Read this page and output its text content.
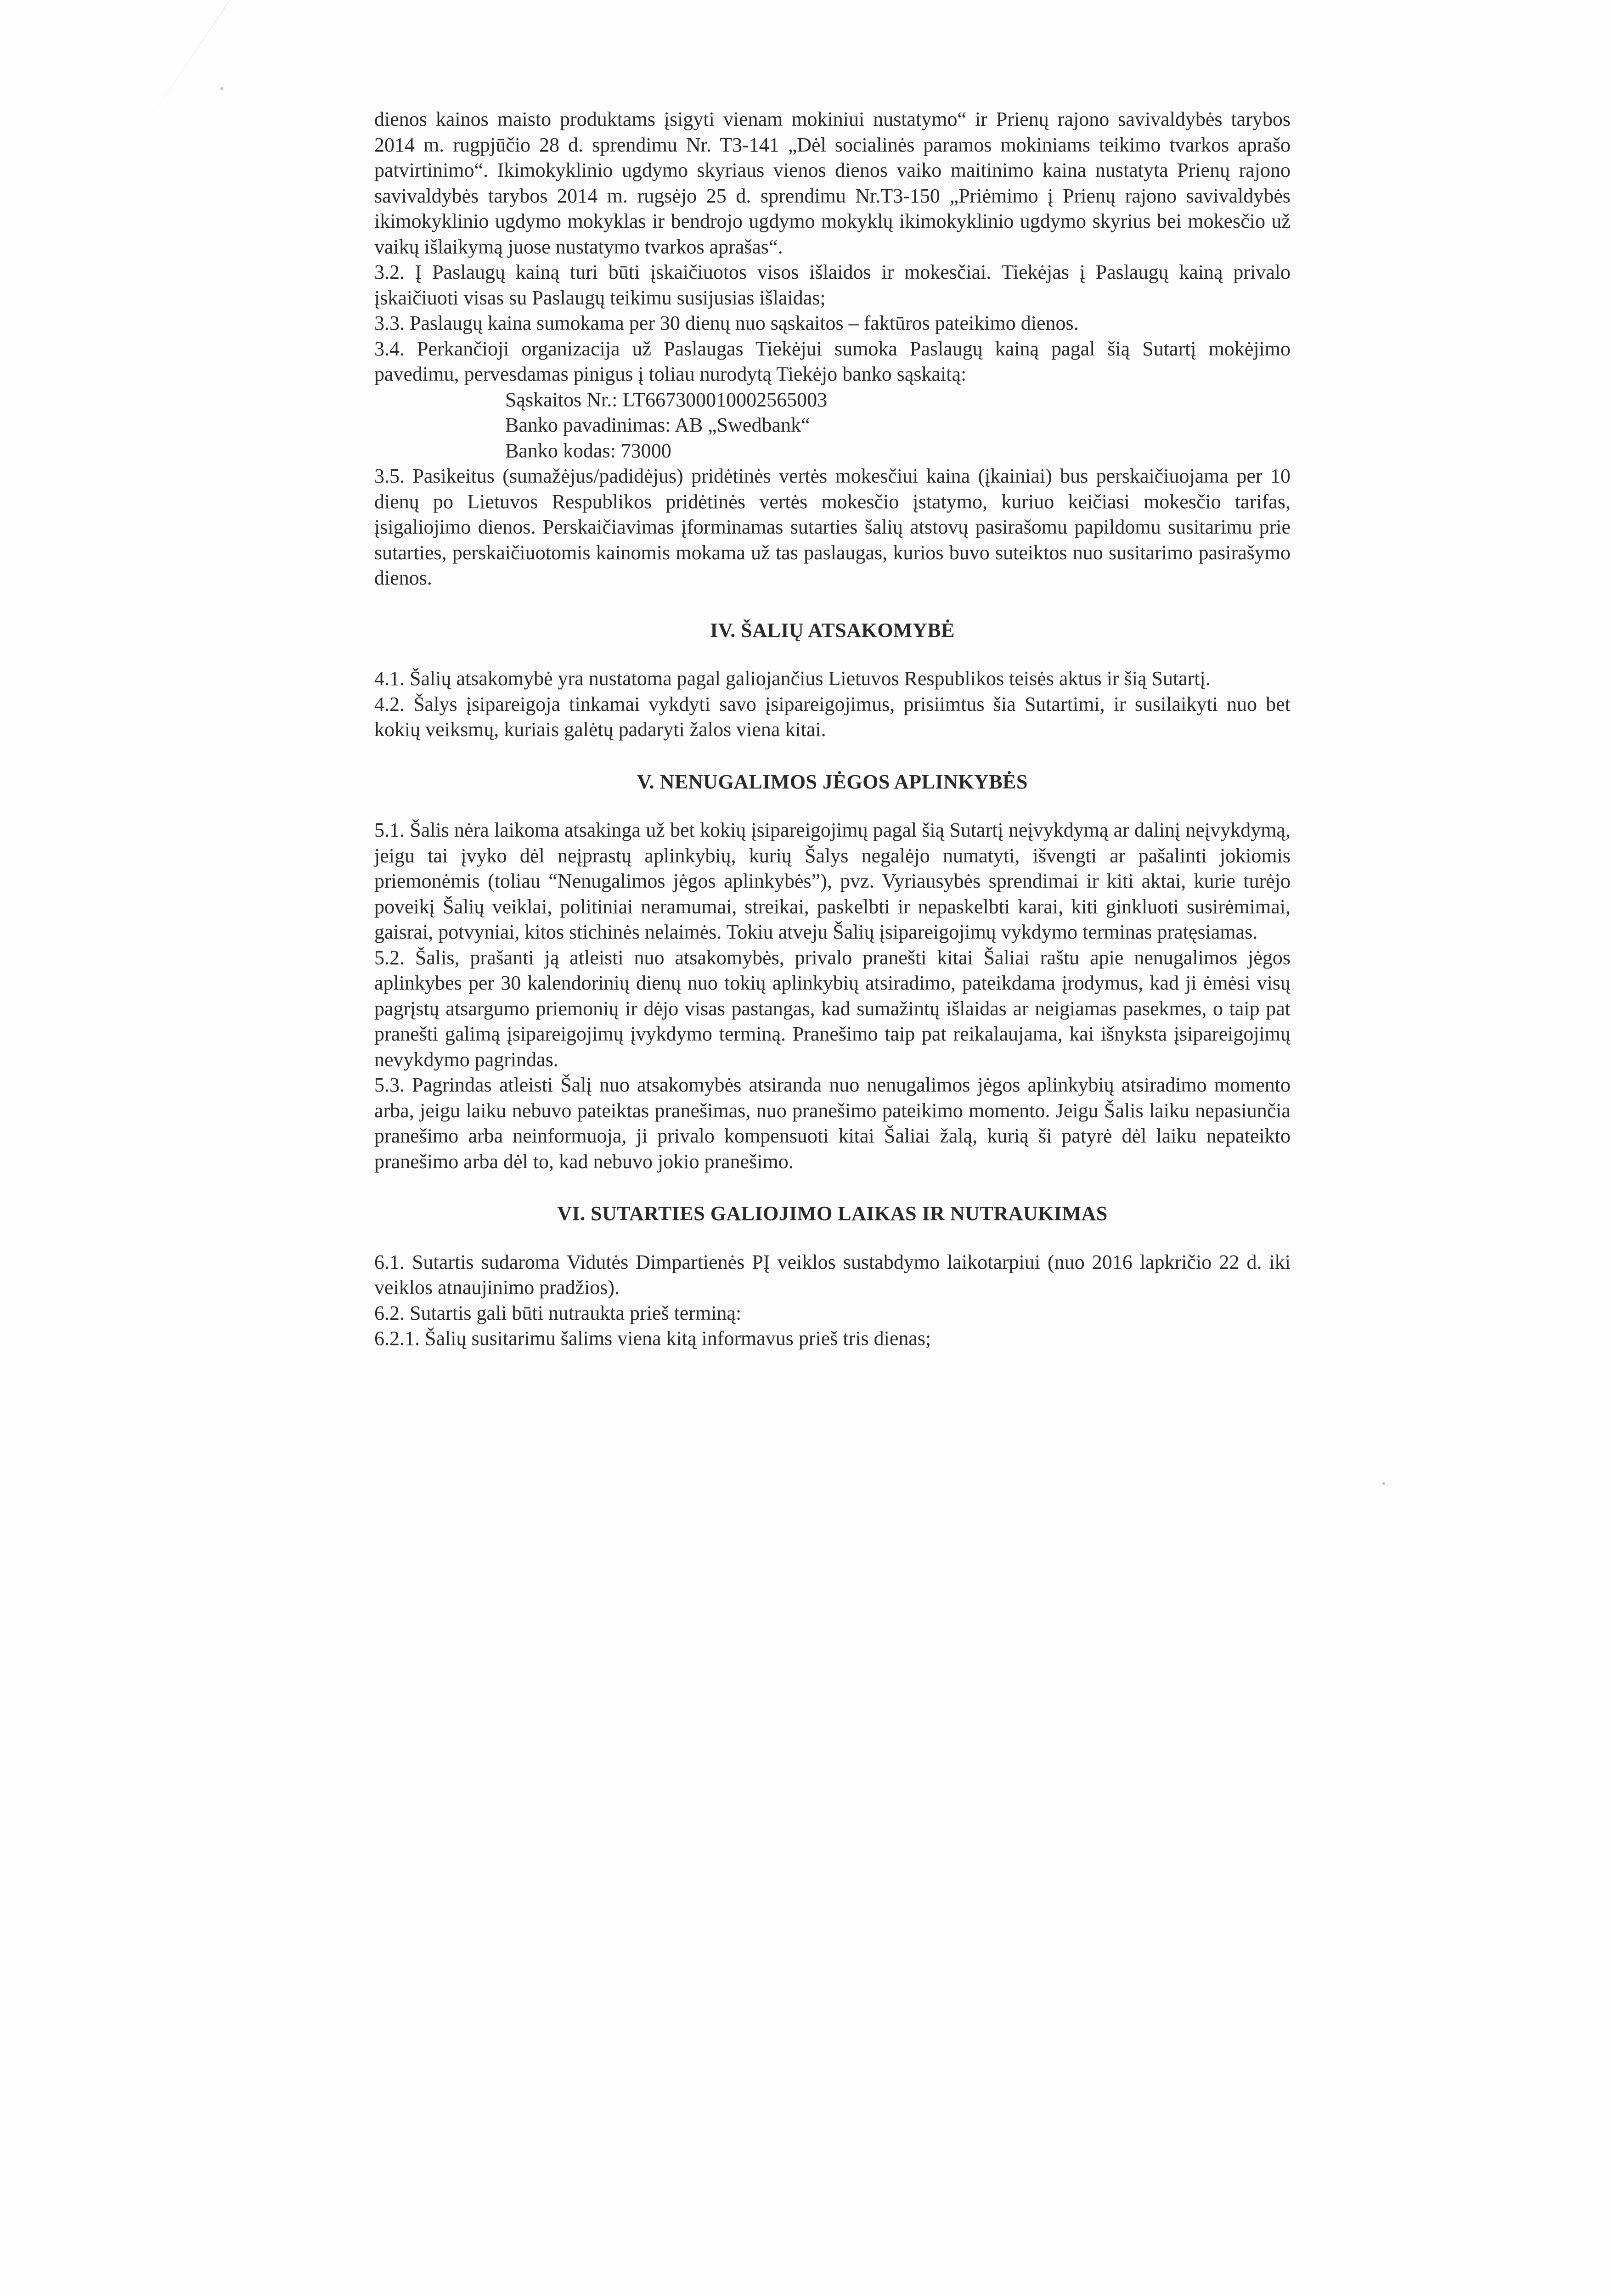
dienos kainos maisto produktams įsigyti vienam mokiniui nustatymo“ ir Prienų rajono savivaldybės tarybos 2014 m. rugpjūčio 28 d. sprendimu Nr. T3-141 „Dėl socialinės paramos mokiniams teikimo tvarkos aprašo patvirtinimo“. Ikimokyklinio ugdymo skyriaus vienos dienos vaiko maitinimo kaina nustatyta Prienų rajono savivaldybės tarybos 2014 m. rugsėjo 25 d. sprendimu Nr.T3-150 „Priėmimo į Prienų rajono savivaldybės ikimokyklinio ugdymo mokyklas ir bendrojo ugdymo mokyklų ikimokyklinio ugdymo skyrius bei mokesčio už vaikų išlaikymą juose nustatymo tvarkos aprašas“.

3.2. Į Paslaugų kainą turi būti įskaičiuotos visos išlaidos ir mokesčiai. Tiekėjas į Paslaugų kainą privalo įskaičiuoti visas su Paslaugų teikimu susijusias išlaidas;

3.3. Paslaugų kaina sumokama per 30 dienų nuo sąskaitos – faktūros pateikimo dienos.

3.4. Perkančioji organizacija už Paslaugas Tiekėjui sumoka Paslaugų kainą pagal šią Sutartį mokėjimo pavedimu, pervesdamas pinigus į toliau nurodytą Tiekėjo banko sąskaitą:

Sąskaitos Nr.: LT667300010002565003

Banko pavadinimas: AB „Swedbank“

Banko kodas: 73000

3.5. Pasikeitus (sumažėjus/padidėjus) pridėtinės vertės mokesčiui kaina (įkainiai) bus perskaičiuojama per 10 dienų po Lietuvos Respublikos pridėtinės vertės mokesčio įstatymo, kuriuo keičiasi mokesčio tarifas, įsigaliojimo dienos. Perskaičiavimas įforminamas sutarties šalių atstovų pasirašomu papildomu susitarimu prie sutarties, perskaičiuotomis kainomis mokama už tas paslaugas, kurios buvo suteiktos nuo susitarimo pasirašymo dienos.

IV. ŠALIŲ ATSAKOMYBĖ

4.1. Šalių atsakomybė yra nustatoma pagal galiojančius Lietuvos Respublikos teisės aktus ir šią Sutartį.

4.2. Šalys įsipareigoja tinkamai vykdyti savo įsipareigojimus, prisiimtus šia Sutartimi, ir susilaikyti nuo bet kokių veiksmų, kuriais galėtų padaryti žalos viena kitai.

V. NENUGALIMOS JĖGOS APLINKYBĖS

5.1. Šalis nėra laikoma atsakinga už bet kokių įsipareigojimų pagal šią Sutartį neįvykdymą ar dalinį neįvykdymą, jeigu tai įvyko dėl neįprastų aplinkybių, kurių Šalys negalėjo numatyti, išvengti ar pašalinti jokiomis priemonėmis (toliau “Nenugalimos jėgos aplinkybės”), pvz. Vyriausybės sprendimai ir kiti aktai, kurie turėjo poveikį Šalių veiklai, politiniai neramumai, streikai, paskelbti ir nepaskelbti karai, kiti ginkluoti susirėmimai, gaisrai, potvyniai, kitos stichinės nelaimės. Tokiu atveju Šalių įsipareigojimų vykdymo terminas pratęsiamas.

5.2. Šalis, prašanti ją atleisti nuo atsakomybės, privalo pranešti kitai Šaliai raštu apie nenugalimos jėgos aplinkybes per 30 kalendorinių dienų nuo tokių aplinkybių atsiradimo, pateikdama įrodymus, kad ji ėmėsi visų pagrįstų atsargumo priemonių ir dėjo visas pastangas, kad sumažintų išlaidas ar neigiamas pasekmes, o taip pat pranešti galimą įsipareigojimų įvykdymo terminą. Pranešimo taip pat reikalaujama, kai išnyksta įsipareigojimų nevykdymo pagrindas.

5.3. Pagrindas atleisti Šalį nuo atsakomybės atsiranda nuo nenugalimos jėgos aplinkybių atsiradimo momento arba, jeigu laiku nebuvo pateiktas pranešimas, nuo pranešimo pateikimo momento. Jeigu Šalis laiku nepasiunčia pranešimo arba neinformuoja, ji privalo kompensuoti kitai Šaliai žalą, kurią ši patyrė dėl laiku nepateikto pranešimo arba dėl to, kad nebuvo jokio pranešimo.

VI. SUTARTIES GALIOJIMO LAIKAS IR NUTRAUKIMAS

6.1. Sutartis sudaroma Vidutės Dimpartienės PĮ veiklos sustabdymo laikotarpiui (nuo 2016 lapkričio 22 d. iki veiklos atnaujinimo pradžios).

6.2. Sutartis gali būti nutraukta prieš terminą:

6.2.1. Šalių susitarimu šalims viena kitą informavus prieš tris dienas;
